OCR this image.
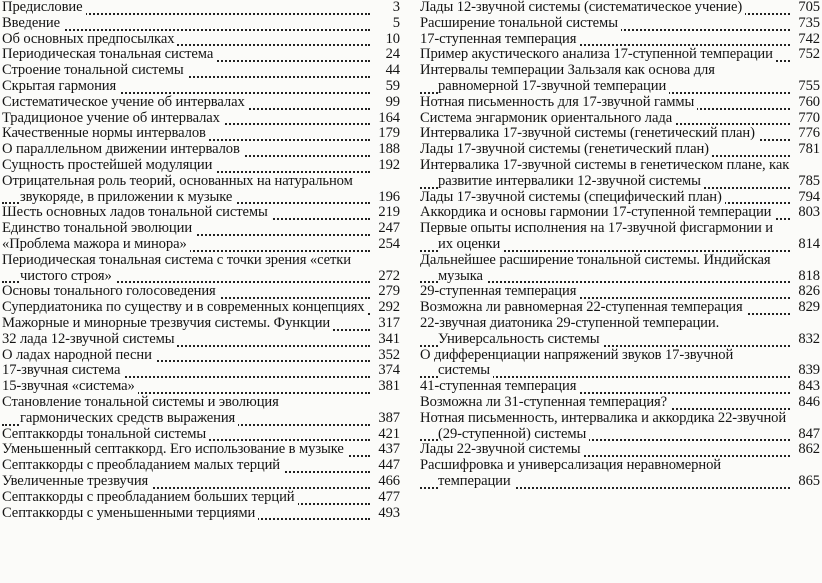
Предисловие	3
Введение	5
Об основных предпосылках	10
Периодическая тональная система	24
Строение тональной системы	44
Скрытая гармония	59
Систематическое учение об интервалах	99
Традиционое учение об интервалах	164
Качественные нормы интервалов	179
О параллельном движении интервалов	188
Сущность простейшей модуляции	192
Отрицательная роль теорий, основанных на натуральном звукоряде, в приложении к музыке	196
Шесть основных ладов тональной системы	219
Единство тональной эволюции	247
«Проблема мажора и минора»	254
Периодическая тональная система с точки зрения «сетки чистого строя»	272
Основы тонального голосоведения	279
Супердиатоника по существу и в современных концепциях 292
Мажорные и минорные трезвучия системы. Функции	317
32 лада 12-звучной системы	341
О ладах народной песни	352
17-звучная система	374
15-звучная «система»	381
Становление тональной системы и эволюция гармонических средств выражения	387
Септаккорды тональной системы	421
Уменьшенный септаккорд. Его использование в музыке	437
Септаккорды с преобладанием малых терций	447
Увеличенные трезвучия	466
Септаккорды с преобладанием больших терций	477
Септаккорды с уменьшенными терциями	493
Лады 12-звучной системы (систематическое учение)	705
Расширение тональной системы	735
17-ступенная темперация	742
Пример акустического анализа 17-ступенной темперации	752
Интервалы темперации Зальзаля как основа для равномерной 17-звучной темперации	755
Нотная письменность для 17-звучной гаммы	760
Система энгармоник ориентального лада	770
Интервалика 17-звучной системы (генетический план)	776
Лады 17-звучной системы (генетический план)	781
Интервалика 17-звучной системы в генетическом плане, как развитие интервалики 12-звучной системы	785
Лады 17-звучной системы (специфический план)	794
Аккордика и основы гармонии 17-ступенной темперации	803
Первые опыты исполнения на 17-звучной фисгармонии и их оценки	814
Дальнейшее расширение тональной системы. Индийская музыка	818
29-ступенная темперация	826
Возможна ли равномерная 22-ступенная темперация	829
22-звучная диатоника 29-ступенной темперации. Универсальность системы	832
О дифференциации напряжений звуков 17-звучной системы	839
41-ступенная темперация	843
Возможна ли 31-ступенная темперация?	846
Нотная письменность, интервалика и аккордика 22-звучной (29-ступенной) системы	847
Лады 22-звучной системы	862
Расшифровка и универсализация неравномерной темперации	865
